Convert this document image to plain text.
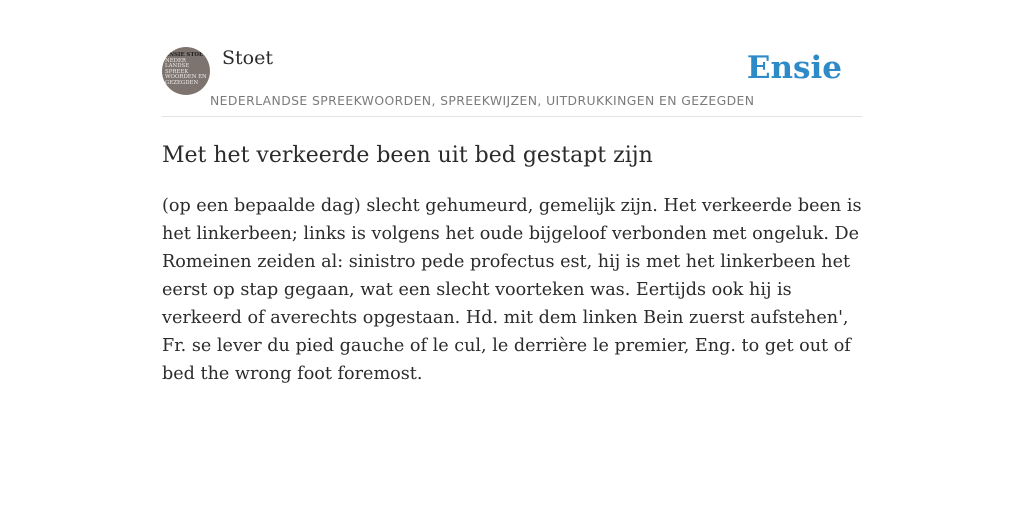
ENSIE STOET
NEDER
LANDSE
SPREEK
WOORDEN EN
GEZEGDEN
Stoet	Ensie
NEDERLANDSE SPREEKWOORDEN, SPREEKWIJZEN, UITDRUKKINGEN EN GEZEGDEN
Met het verkeerde been uit bed gestapt zijn

(op een bepaalde dag) slecht gehumeurd, gemelijk zijn. Het verkeerde been is het linkerbeen; links is volgens het oude bijgeloof verbonden met ongeluk. De Romeinen zeiden al: sinistro pede profectus est, hij is met het linkerbeen het eerst op stap gegaan, wat een slecht voorteken was. Eertijds ook hij is verkeerd of averechts opgestaan. Hd. mit dem linken Bein zuerst aufstehen', Fr. se lever du pied gauche of le cul, le derrière le premier, Eng. to get out of bed the wrong foot foremost.
